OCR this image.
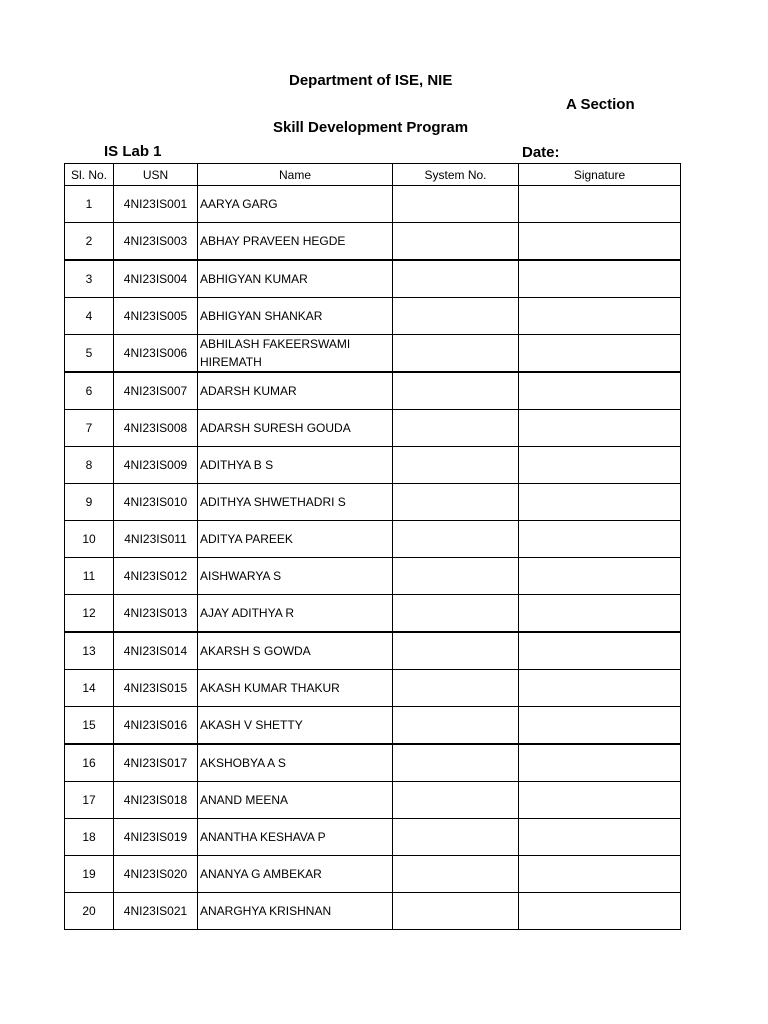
Department of ISE, NIE
A Section
Skill Development Program
IS Lab 1	Date:
Sl. No.	USN	Name	System No.	Signature
1	4NI23IS001	AARYA GARG		
2	4NI23IS003	ABHAY PRAVEEN HEGDE		
3	4NI23IS004	ABHIGYAN KUMAR		
4	4NI23IS005	ABHIGYAN SHANKAR		
5	4NI23IS006	ABHILASH FAKEERSWAMI HIREMATH		
6	4NI23IS007	ADARSH KUMAR		
7	4NI23IS008	ADARSH SURESH GOUDA		
8	4NI23IS009	ADITHYA B S		
9	4NI23IS010	ADITHYA SHWETHADRI S		
10	4NI23IS011	ADITYA PAREEK		
11	4NI23IS012	AISHWARYA S		
12	4NI23IS013	AJAY ADITHYA R		
13	4NI23IS014	AKARSH S GOWDA		
14	4NI23IS015	AKASH KUMAR THAKUR		
15	4NI23IS016	AKASH V SHETTY		
16	4NI23IS017	AKSHOBYA A S		
17	4NI23IS018	ANAND MEENA		
18	4NI23IS019	ANANTHA KESHAVA P		
19	4NI23IS020	ANANYA G AMBEKAR		
20	4NI23IS021	ANARGHYA KRISHNAN		
